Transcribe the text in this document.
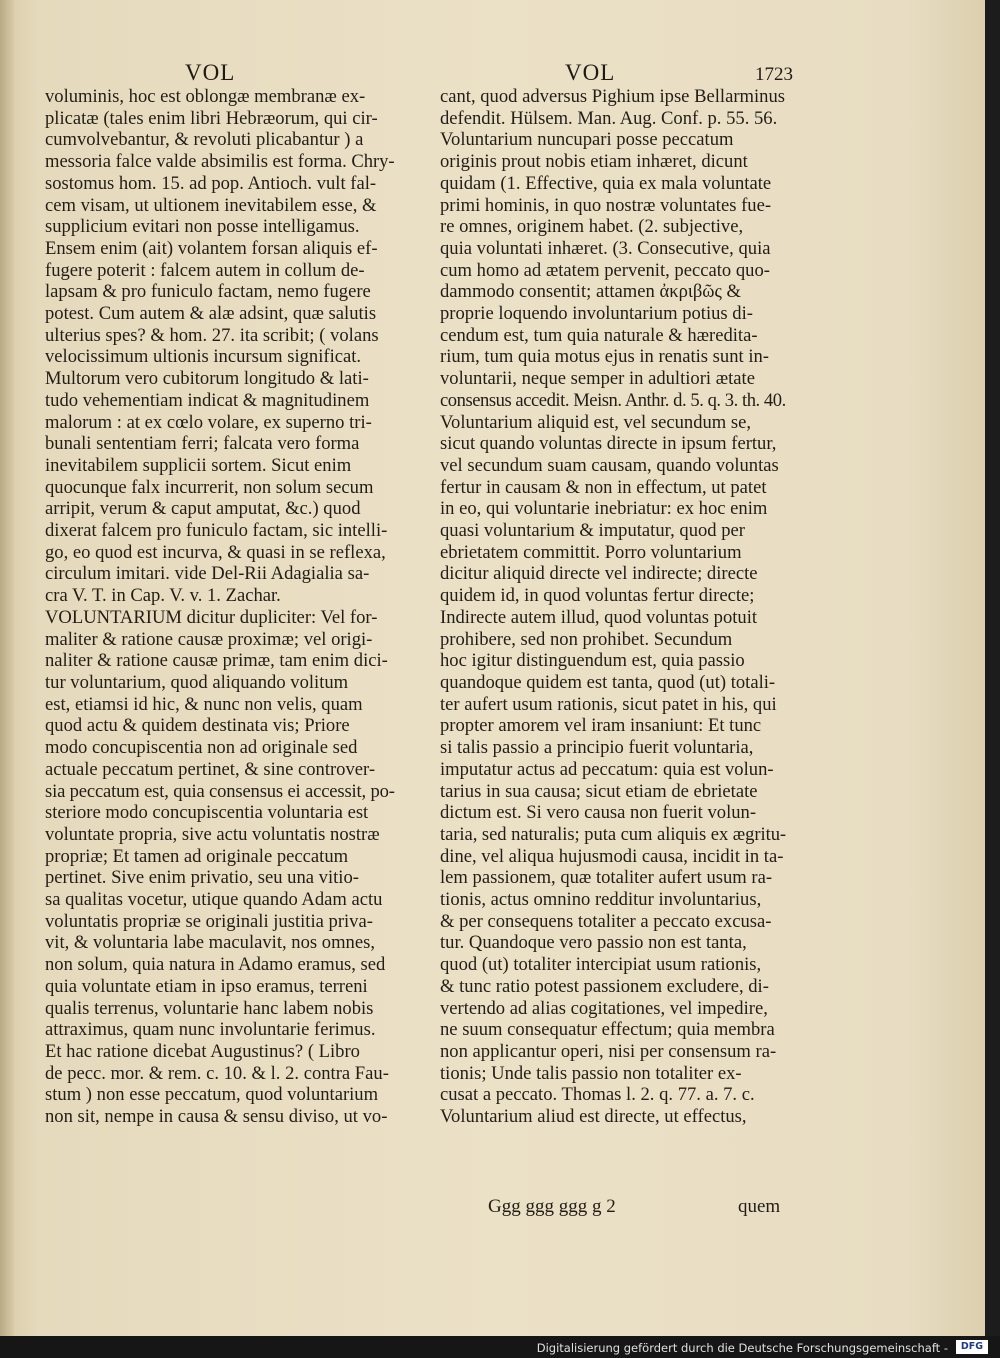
VOL	VOL	1723
voluminis, hoc est oblongæ membranæ ex-
plicatæ (tales enim libri Hebræorum, qui cir-
cumvolvebantur, & revoluti plicabantur ) a
messoria falce valde absimilis est forma. Chry-
sostomus hom. 15. ad pop. Antioch. vult fal-
cem visam, ut ultionem inevitabilem esse, &
supplicium evitari non posse intelligamus.
Ensem enim (ait) volantem forsan aliquis ef-
fugere poterit : falcem autem in collum de-
lapsam & pro funiculo factam, nemo fugere
potest. Cum autem & alæ adsint, quæ salutis
ulterius spes? & hom. 27. ita scribit; ( volans
velocissimum ultionis incursum significat.
Multorum vero cubitorum longitudo & lati-
tudo vehementiam indicat & magnitudinem
malorum : at ex cœlo volare, ex superno tri-
bunali sententiam ferri; falcata vero forma
inevitabilem supplicii sortem. Sicut enim
quocunque falx incurrerit, non solum secum
arripit, verum & caput amputat, &c.) quod
dixerat falcem pro funiculo factam, sic intelli-
go, eo quod est incurva, & quasi in se reflexa,
circulum imitari. vide Del-Rii Adagialia sa-
cra V. T. in Cap. V. v. 1. Zachar.
VOLUNTARIUM dicitur dupliciter: Vel for-
maliter & ratione causæ proximæ; vel origi-
naliter & ratione causæ primæ, tam enim dici-
tur voluntarium, quod aliquando volitum
est, etiamsi id hic, & nunc non velis, quam
quod actu & quidem destinata vis; Priore
modo concupiscentia non ad originale sed
actuale peccatum pertinet, & sine controver-
sia peccatum est, quia consensus ei accessit, po-
steriore modo concupiscentia voluntaria est
voluntate propria, sive actu voluntatis nostræ
propriæ; Et tamen ad originale peccatum
pertinet. Sive enim privatio, seu una vitio-
sa qualitas vocetur, utique quando Adam actu
voluntatis propriæ se originali justitia priva-
vit, & voluntaria labe maculavit, nos omnes,
non solum, quia natura in Adamo eramus, sed
quia voluntate etiam in ipso eramus, terreni
qualis terrenus, voluntarie hanc labem nobis
attraximus, quam nunc involuntarie ferimus.
Et hac ratione dicebat Augustinus? ( Libro
de pecc. mor. & rem. c. 10. & l. 2. contra Fau-
stum ) non esse peccatum, quod voluntarium
non sit, nempe in causa & sensu diviso, ut vo-
cant, quod adversus Pighium ipse Bellarminus
defendit. Hülsem. Man. Aug. Conf. p. 55. 56.
Voluntarium nuncupari posse peccatum
originis prout nobis etiam inhæret, dicunt
quidam (1. Effective, quia ex mala voluntate
primi hominis, in quo nostræ voluntates fue-
re omnes, originem habet. (2. subjective,
quia voluntati inhæret. (3. Consecutive, quia
cum homo ad ætatem pervenit, peccato quo-
dammodo consentit; attamen ἀκριβῶς &
proprie loquendo involuntarium potius di-
cendum est, tum quia naturale & hæredita-
rium, tum quia motus ejus in renatis sunt in-
voluntarii, neque semper in adultiori ætate
consensus accedit. Meisn. Anthr. d. 5. q. 3. th. 40.
Voluntarium aliquid est, vel secundum se,
sicut quando voluntas directe in ipsum fertur,
vel secundum suam causam, quando voluntas
fertur in causam & non in effectum, ut patet
in eo, qui voluntarie inebriatur: ex hoc enim
quasi voluntarium & imputatur, quod per
ebrietatem committit. Porro voluntarium
dicitur aliquid directe vel indirecte; directe
quidem id, in quod voluntas fertur directe;
Indirecte autem illud, quod voluntas potuit
prohibere, sed non prohibet. Secundum
hoc igitur distinguendum est, quia passio
quandoque quidem est tanta, quod (ut) totali-
ter aufert usum rationis, sicut patet in his, qui
propter amorem vel iram insaniunt: Et tunc
si talis passio a principio fuerit voluntaria,
imputatur actus ad peccatum: quia est volun-
tarius in sua causa; sicut etiam de ebrietate
dictum est. Si vero causa non fuerit volun-
taria, sed naturalis; puta cum aliquis ex ægritu-
dine, vel aliqua hujusmodi causa, incidit in ta-
lem passionem, quæ totaliter aufert usum ra-
tionis, actus omnino redditur involuntarius,
& per consequens totaliter a peccato excusa-
tur. Quandoque vero passio non est tanta,
quod (ut) totaliter intercipiat usum rationis,
& tunc ratio potest passionem excludere, di-
vertendo ad alias cogitationes, vel impedire,
ne suum consequatur effectum; quia membra
non applicantur operi, nisi per consensum ra-
tionis; Unde talis passio non totaliter ex-
cusat a peccato. Thomas l. 2. q. 77. a. 7. c.
Voluntarium aliud est directe, ut effectus,
Ggg ggg ggg g 2	quem
Digitalisierung gefördert durch die Deutsche Forschungsgemeinschaft -	DFG
